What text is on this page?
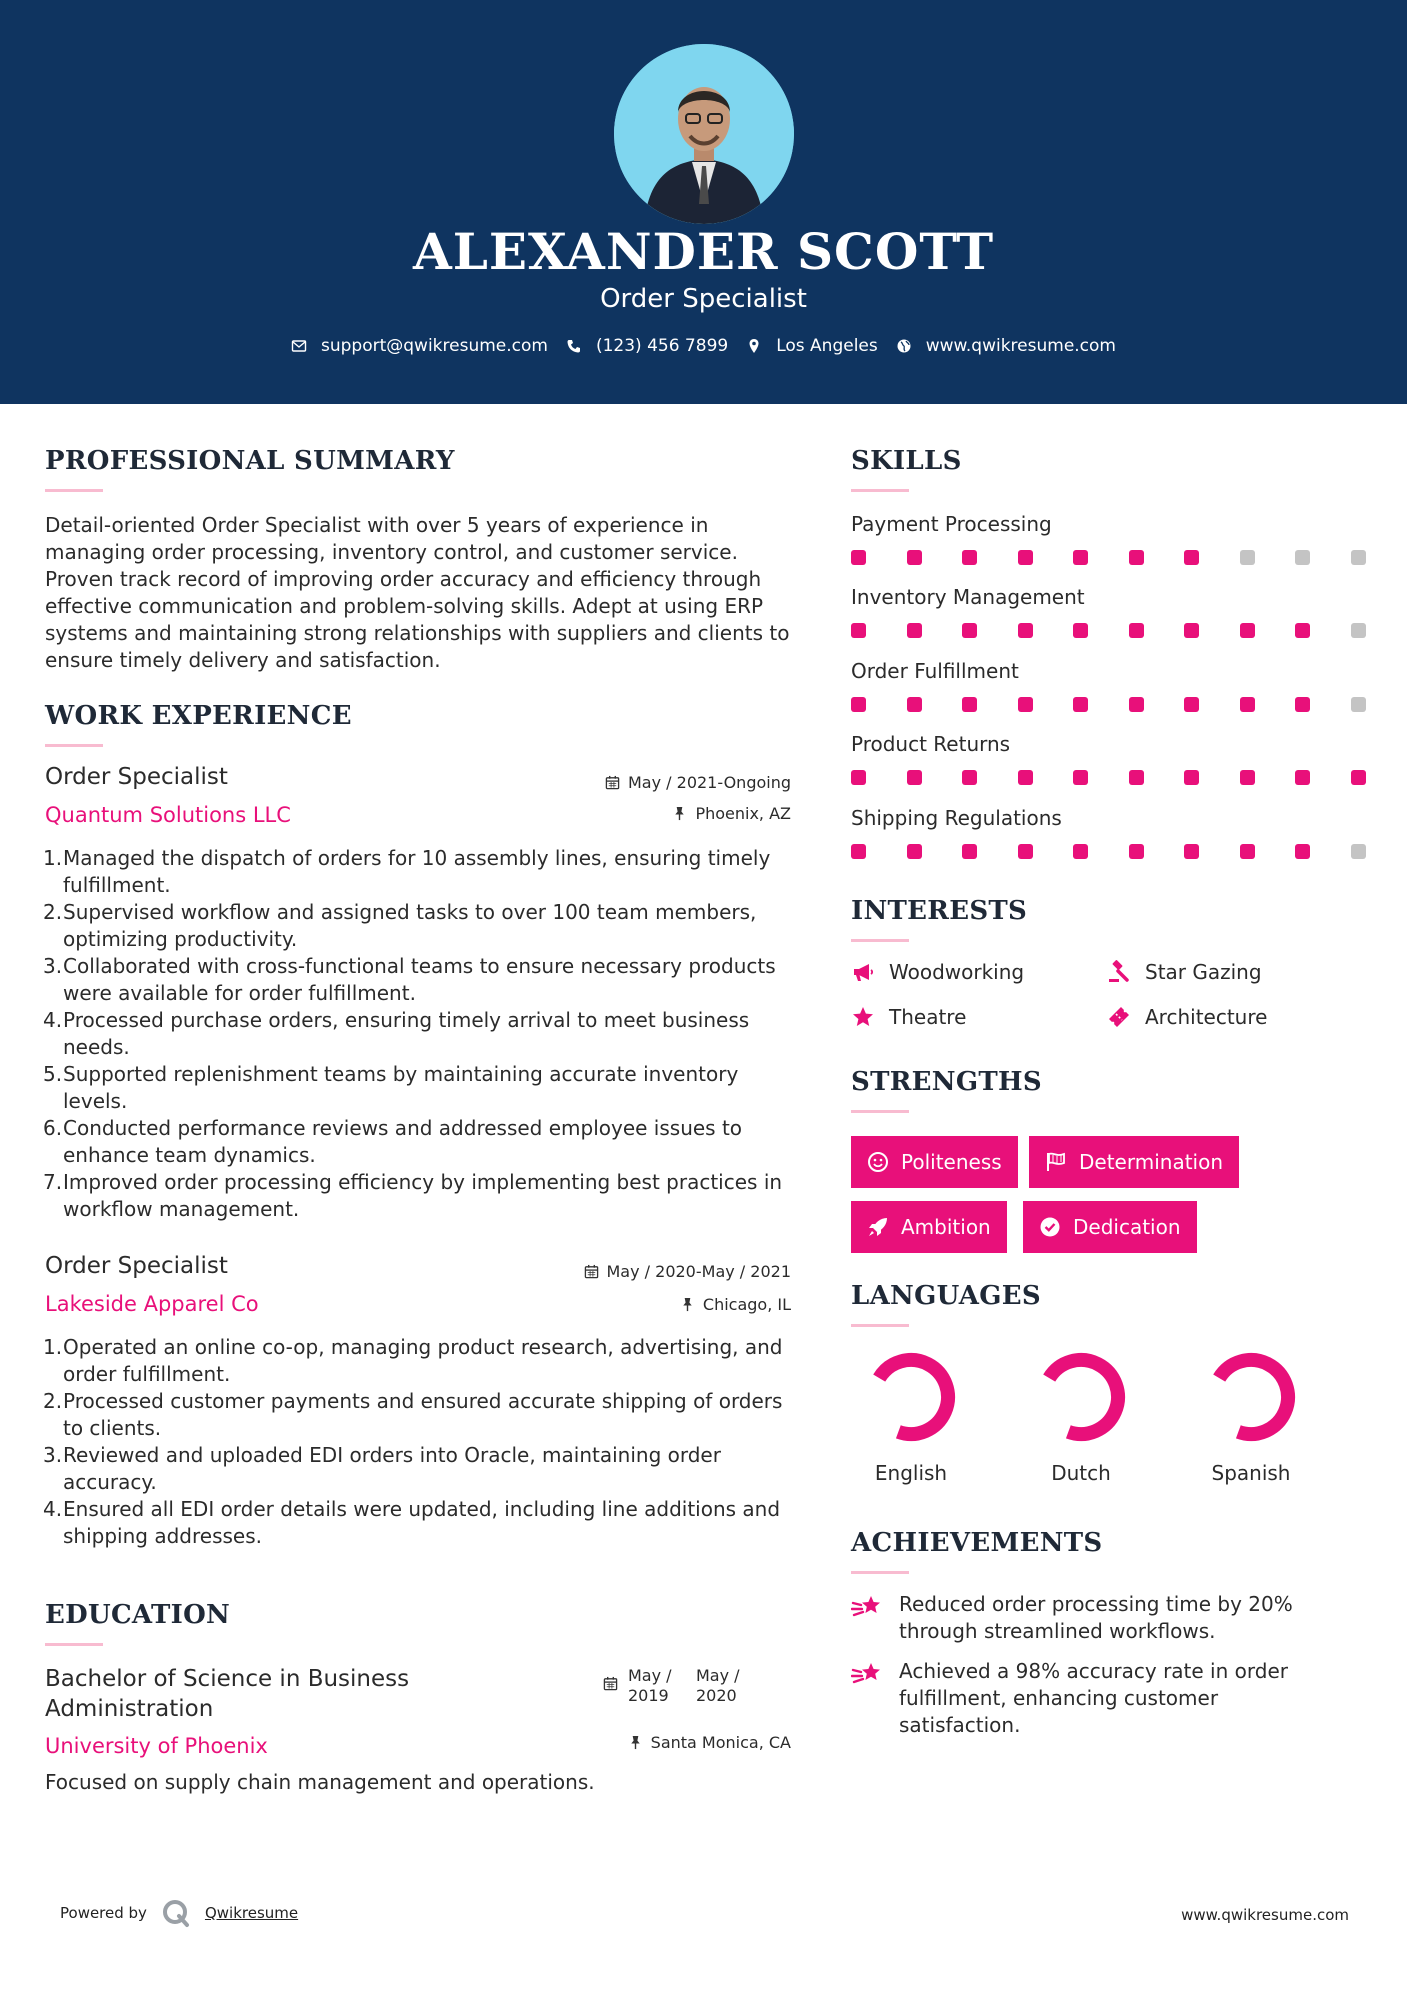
ALEXANDER SCOTT
Order Specialist
support@qwikresume.com	(123) 456 7899	Los Angeles	www.qwikresume.com
PROFESSIONAL SUMMARY
Detail-oriented Order Specialist with over 5 years of experience in managing order processing, inventory control, and customer service. Proven track record of improving order accuracy and efficiency through effective communication and problem-solving skills. Adept at using ERP systems and maintaining strong relationships with suppliers and clients to ensure timely delivery and satisfaction.
WORK EXPERIENCE
Order Specialist
Quantum Solutions LLC
May / 2021-Ongoing
Phoenix, AZ
1. Managed the dispatch of orders for 10 assembly lines, ensuring timely fulfillment.
2. Supervised workflow and assigned tasks to over 100 team members, optimizing productivity.
3. Collaborated with cross-functional teams to ensure necessary products were available for order fulfillment.
4. Processed purchase orders, ensuring timely arrival to meet business needs.
5. Supported replenishment teams by maintaining accurate inventory levels.
6. Conducted performance reviews and addressed employee issues to enhance team dynamics.
7. Improved order processing efficiency by implementing best practices in workflow management.
Order Specialist
Lakeside Apparel Co
May / 2020-May / 2021
Chicago, IL
1. Operated an online co-op, managing product research, advertising, and order fulfillment.
2. Processed customer payments and ensured accurate shipping of orders to clients.
3. Reviewed and uploaded EDI orders into Oracle, maintaining order accuracy.
4. Ensured all EDI order details were updated, including line additions and shipping addresses.
EDUCATION
Bachelor of Science in Business Administration
University of Phoenix
May / 2019
May / 2020
Santa Monica, CA
Focused on supply chain management and operations.
SKILLS
Payment Processing
Inventory Management
Order Fulfillment
Product Returns
Shipping Regulations
INTERESTS
Woodworking	Star Gazing
Theatre	Architecture
STRENGTHS
Politeness	Determination
Ambition	Dedication
LANGUAGES
English	Dutch	Spanish
ACHIEVEMENTS
Reduced order processing time by 20% through streamlined workflows.
Achieved a 98% accuracy rate in order fulfillment, enhancing customer satisfaction.
Powered by	Qwikresume	www.qwikresume.com
